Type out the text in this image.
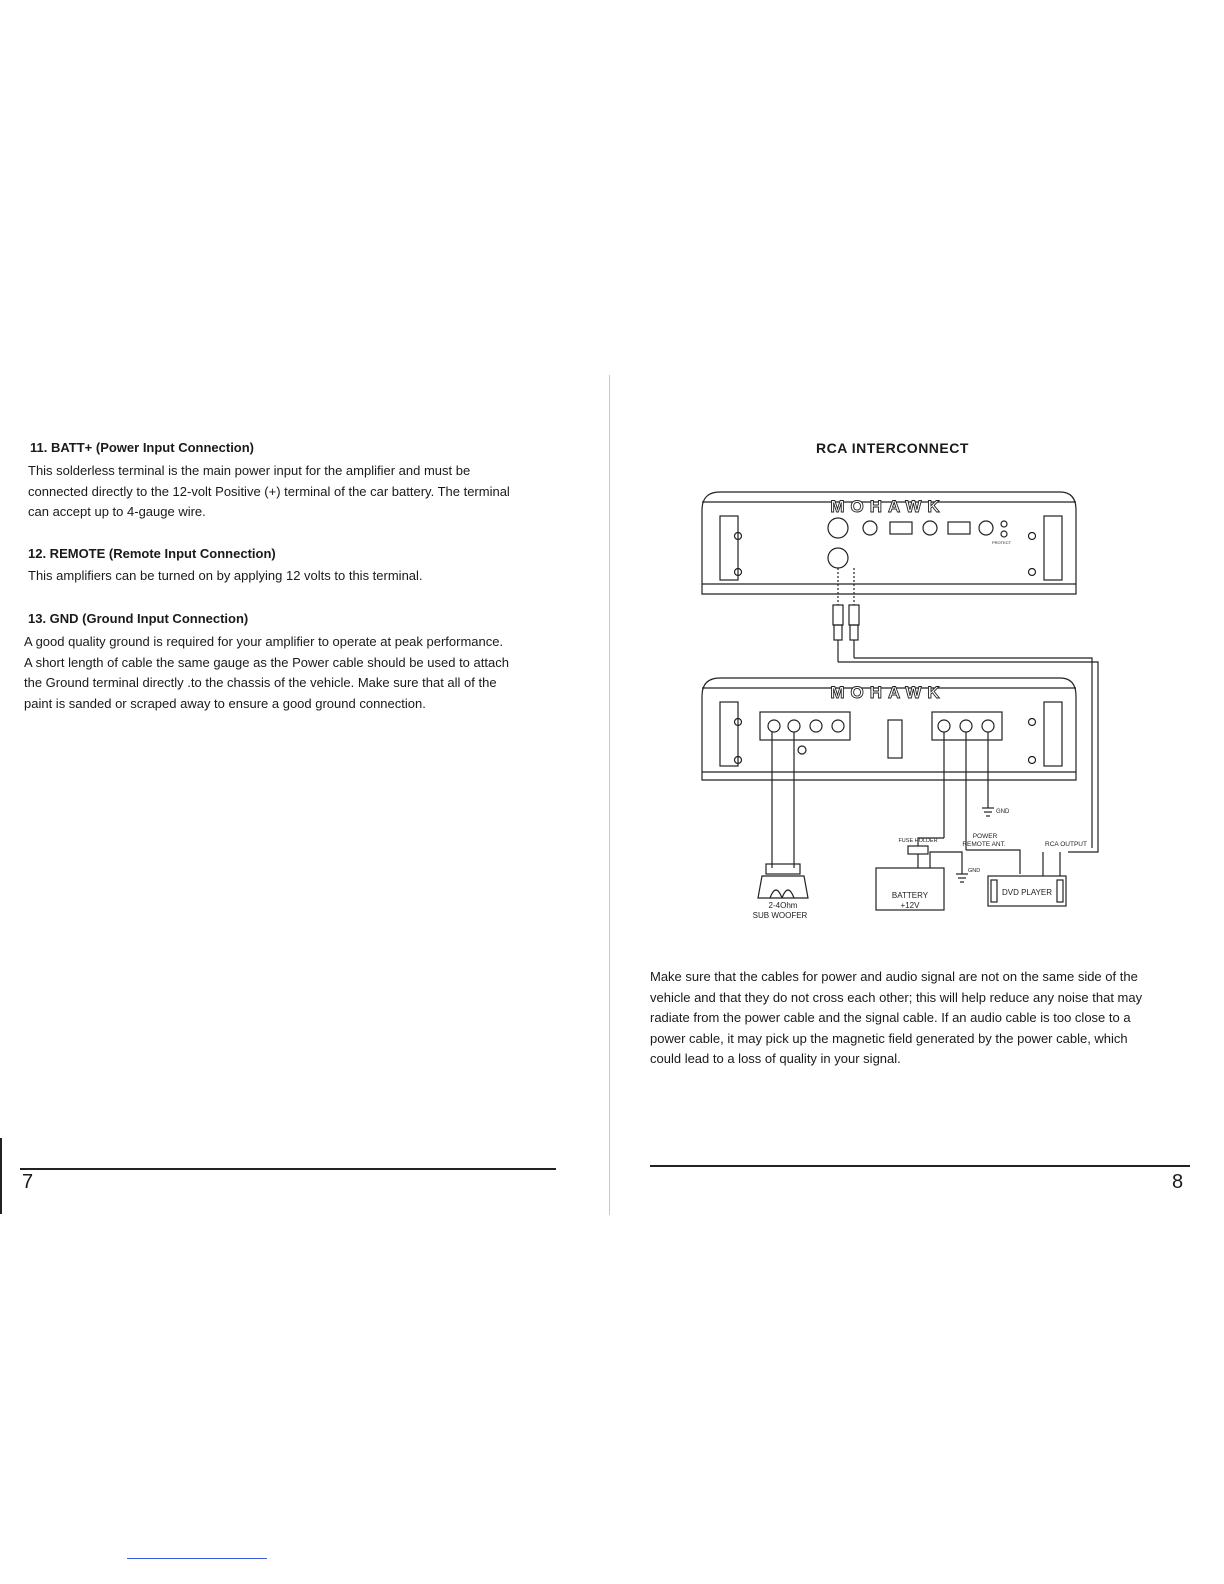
11. BATT+ (Power Input Connection)
This solderless terminal is the main power input for the amplifier and must be
connected directly to the 12-volt Positive (+) terminal of the car battery. The terminal
can accept up to 4-gauge wire.
12. REMOTE (Remote Input Connection)
This amplifiers can be turned on by applying 12 volts to this terminal.
13. GND (Ground Input Connection)
A good quality ground is required for your amplifier to operate at peak performance.
A short length of cable the same gauge as the Power cable should be used to attach
the Ground terminal directly .to the chassis of the vehicle. Make sure that all of the
paint is sanded or scraped away to ensure a good ground connection.
7
RCA INTERCONNECT
MOHAWK
MOHAWK
PROTECT
GND
POWER
REMOTE ANT.	RCA OUTPUT
FUSE HOLDER
GND
BATTERY
+12V
DVD PLAYER
2-4Ohm
SUB WOOFER
Make sure that the cables for power and audio signal are not on the same side of the
vehicle and that they do not cross each other; this will help reduce any noise that may
radiate from the power cable and the signal cable. If an audio cable is too close to a
power cable, it may pick up the magnetic field generated by the power cable, which
could lead to a loss of quality in your signal.
8
